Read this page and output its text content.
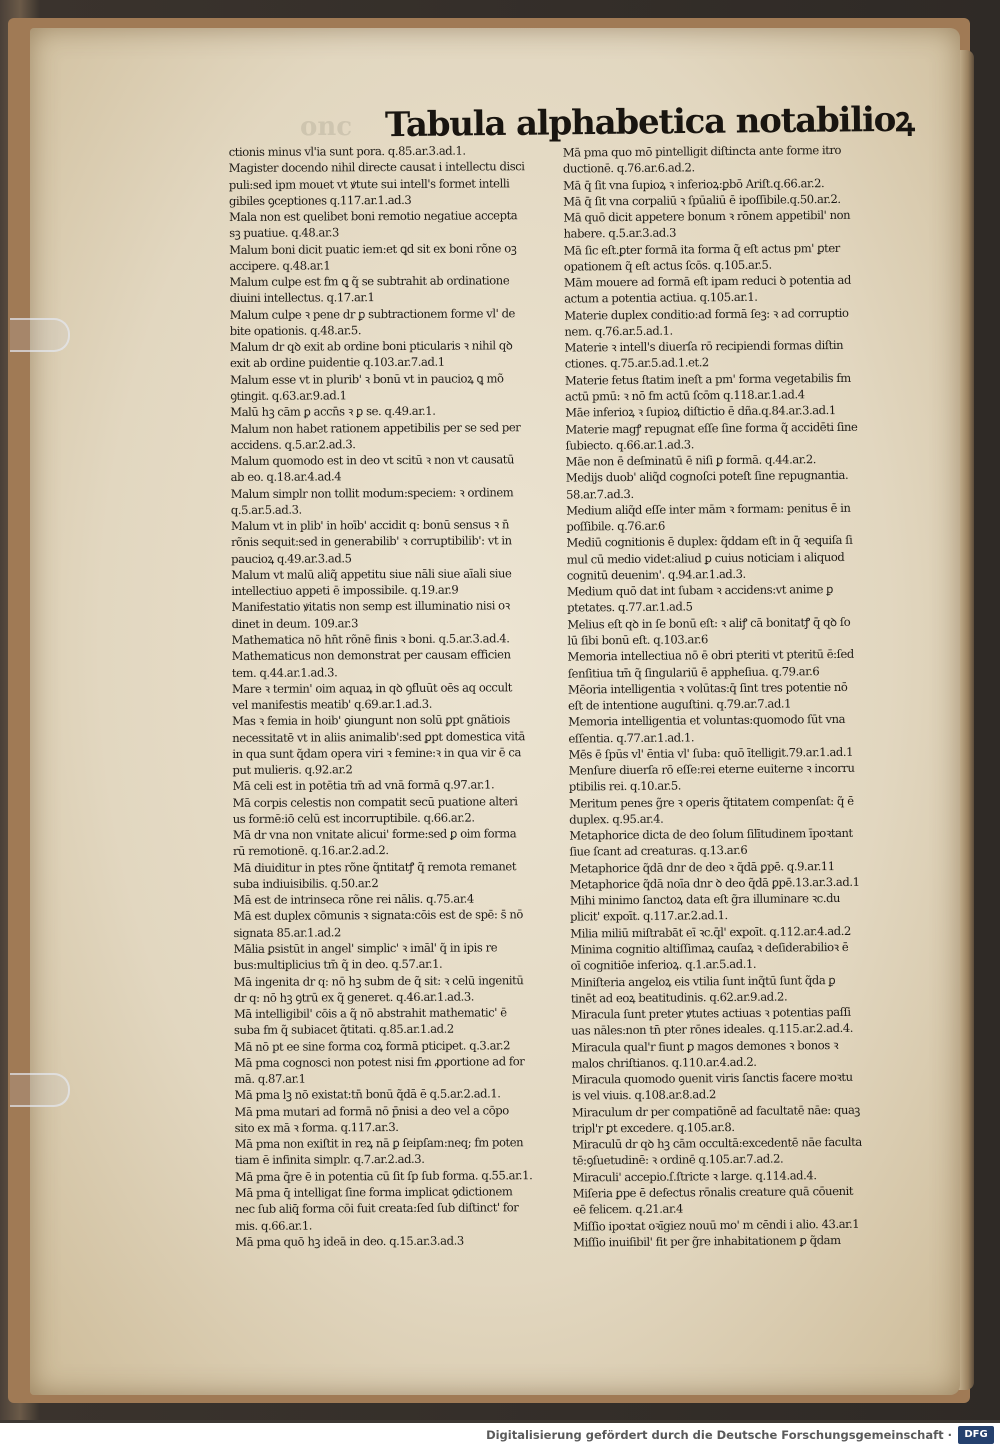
onc Tabula alphabetica notabilioꝝ
ctionis minus vl'ia sunt pora. q.85.ar.3.ad.1.
Magister docendo nihil directe causat i intellectu disci
puli:sed ipm mouet vt ꝟtute sui intell's formet intelli
gibiles ꝯceptiones q.117.ar.1.ad.3
Mala non est quelibet boni remotio negatiue accepta
sꝫ puatiue. q.48.ar.3
Malum boni dicit puatic iem:et ꝗd sit ex boni rõne oꝫ
accipere. q.48.ar.1
Malum culpe est fm ꝗ q̃ se subtrahit ab ordinatione
diuini intellectus. q.17.ar.1
Malum culpe ꝛ pene dr ꝑ subtractionem forme vl' de
bite opationis. q.48.ar.5.
Malum dr qꝺ exit ab ordine boni pticularis ꝛ nihil qꝺ
exit ab ordine puidentie q.103.ar.7.ad.1
Malum esse vt in plurib' ꝛ bonū vt in paucioꝝ ꝗ mõ
ꝯtingit. q.63.ar.9.ad.1
Malū hꝫ cām ꝑ accn̄s ꝛ ꝑ se. q.49.ar.1.
Malum non habet rationem appetibilis per se sed per
accidens. q.5.ar.2.ad.3.
Malum quomodo est in deo vt scitū ꝛ non vt causatū
ab eo. q.18.ar.4.ad.4
Malum simplr non tollit modum:speciem: ꝛ ordinem
q.5.ar.5.ad.3.
Malum vt in plib' in hoīb' accidit q: bonū sensus ꝛ n̄
rõnis sequit:sed in generabilib' ꝛ corruptibilib': vt in
paucioꝝ q.49.ar.3.ad.5
Malum vt malū aliq̃ appetitu siue nāli siue aīali siue
intellectiuo appeti ē impossibile. q.19.ar.9
Manifestatio ꝟitatis non semp est illuminatio nisi oꝛ
dinet in deum. 109.ar.3
Mathematica nō hn̄t rõnē finis ꝛ boni. q.5.ar.3.ad.4.
Mathematicus non demonstrat per causam efficien
tem. q.44.ar.1.ad.3.
Mare ꝛ termin' oim aquaꝝ in qꝺ ꝯfluūt oēs aq occult
vel manifestis meatib' q.69.ar.1.ad.3.
Mas ꝛ femia in hoib' ꝯiungunt non solū ꝑpt gnãtiois
necessitatē vt in aliis animalib':sed ꝑpt domestica vitā
in qua sunt q̃dam opera viri ꝛ femine:ꝛ in qua vir ē ca
put mulieris. q.92.ar.2
Mā celi est in potētia tm̄ ad vnā formā q.97.ar.1.
Mā corpis celestis non compatit secū puatione alteri
us formē:iō celū est incorruptibile. q.66.ar.2.
Mā dr vna non vnitate alicui' forme:sed ꝑ oim forma
rū remotionē. q.16.ar.2.ad.2.
Mā diuiditur in ptes rõne q̃ntitatꝭ q̃ remota remanet
suba indiuisibilis. q.50.ar.2
Mā est de intrinseca rõne rei nālis. q.75.ar.4
Mā est duplex cōmunis ꝛ signata:cōis est de spē: s̄ nō
signata 85.ar.1.ad.2
Mālia ꝑsistūt in angel' simplic' ꝛ imāl' q̃ in ipis re
bus:multiplicius tm̄ q̃ in deo. q.57.ar.1.
Mā ingenita dr q: nō hꝫ subm de q̃ sit: ꝛ celū ingenitū
dr q: nō hꝫ ꝯtrū ex q̃ generet. q.46.ar.1.ad.3.
Mā intelligibil' cōis a q̃ nō abstrahit mathematic' ē
suba fm q̃ subiacet q̃titati. q.85.ar.1.ad.2
Mā nō pt ee sine forma coꝝ formā pticipet. q.3.ar.2
Mā pma cognosci non potest nisi fm ꝓportione ad for
mā. q.87.ar.1
Mā pma lꝫ nō existat:tn̄ bonū q̃dā ē q.5.ar.2.ad.1.
Mā pma mutari ad formā nō p̄nisi a deo vel a cōpo
sito ex mā ꝛ forma. q.117.ar.3.
Mā pma non exiſtit in reꝝ nā ꝑ ſeipſam:neq; fm poten
tiam ē infinita simplr. q.7.ar.2.ad.3.
Mā pma q̃re ē in potentia cū ſit ſp ſub forma. q.55.ar.1.
Mā pma q̄ intelligat ſine forma implicat ꝯdictionem
nec ſub aliq̄ forma cōi fuit creata:ſed ſub diſtinct' for
mis. q.66.ar.1.
Mā pma quō hꝫ ideā in deo. q.15.ar.3.ad.3
Mā pma quo mō pintelligit diſtincta ante forme itro
ductionē. q.76.ar.6.ad.2.
Mā q̄ ſit vna ſupioꝝ ꝛ inferioꝝ:ꝑbō Ariſt.q.66.ar.2.
Mā q̄ ſit vna corpaliū ꝛ ſpūaliū ē ipoſſibile.q.50.ar.2.
Mā quō dicit appetere bonum ꝛ rōnem appetibil' non
habere. q.5.ar.3.ad.3
Mā ſic eſt.ꝑter formā ita forma q̃ eſt actus pm' ꝑter
opationem q̃ eſt actus ſcōs. q.105.ar.5.
Mām mouere ad formā eſt ipam reduci ꝺ potentia ad
actum a potentia actiua. q.105.ar.1.
Materie duplex conditio:ad formā ſeꝫ: ꝛ ad corruptio
nem. q.76.ar.5.ad.1.
Materie ꝛ intell's diuerſa rō recipiendi formas diſtin
ctiones. q.75.ar.5.ad.1.et.2
Materie fetus ſtatim ineſt a pm' forma vegetabilis fm
actū pmū: ꝛ nō fm actū ſcōm q.118.ar.1.ad.4
Māe inferioꝝ ꝛ ſupioꝝ diſtictio ē dña.q.84.ar.3.ad.1
Materie magꝭ repugnat eſſe ſine forma q̃ accidēti ſine
ſubiecto. q.66.ar.1.ad.3.
Māe non ē deſminatū ē niſi ꝑ formā. q.44.ar.2.
Medijs duob' aliq̃d cognoſci poteſt ſine repugnantia.
58.ar.7.ad.3.
Medium aliq̃d eſſe inter mām ꝛ formam: penitus ē in
poſſibile. q.76.ar.6
Mediū cognitionis ē duplex: q̃ddam eſt in q̄ ꝛeꝗuiſa ſi
mul cū medio videt:aliud ꝑ cuius noticiam i aliquod
cognitū deuenim'. q.94.ar.1.ad.3.
Medium quō dat int ſubam ꝛ accidens:vt anime ꝑ
ptetates. q.77.ar.1.ad.5
Melius eſt qꝺ in ſe bonū eſt: ꝛ aliꝭ cā bonitatꝭ q̄ qꝺ ſo
lū ſibi bonū eſt. q.103.ar.6
Memoria intellectiua nō ē obri pteriti vt pteritū ē:ſed
ſenſitiua tm̄ q̃ ſingulariū ē appheſiua. q.79.ar.6
Mēoria intelligentia ꝛ volūtas:q̄ ſint tres potentie nō
eſt de intentione auguſtini. q.79.ar.7.ad.1
Memoria intelligentia et voluntas:quomodo ſūt vna
eſſentia. q.77.ar.1.ad.1.
Mēs ē ſpūs vl' ēntia vl' ſuba: quō ītelligit.79.ar.1.ad.1
Menſure diuerſa rō eſſe:rei eterne euiterne ꝛ incorru
ptibilis rei. q.10.ar.5.
Meritum penes g̃re ꝛ operis q̃titatem compenſat: q̃ ē
duplex. q.95.ar.4.
Metaphorice dicta de deo ſolum ſilītudinem īpoꝛtant
ſiue ſcant ad creaturas. q.13.ar.6
Metaphorice q̃dā dnr de deo ꝛ q̃dā ꝑpē. q.9.ar.11
Metaphorice q̃dā noīa dnr ꝺ deo q̃dā ꝑpē.13.ar.3.ad.1
Mihi minimo ſanctoꝝ data eſt g̃ra illuminare ꝛc.du
plicit' expoīt. q.117.ar.2.ad.1.
Milia miliū miſtrabāt eī ꝛc.q̄l' expoīt. q.112.ar.4.ad.2
Minima cognitio altiſſimaꝝ cauſaꝝ ꝛ deſiderabilioꝛ ē
oī cognitiōe inferioꝝ. q.1.ar.5.ad.1.
Miniſteria angeloꝝ eis vtilia ſunt inq̃tū ſunt q̃da ꝑ
tinēt ad eoꝝ beatitudinis. q.62.ar.9.ad.2.
Miracula ſunt preter ꝟtutes actiuas ꝛ potentias paſſi
uas nāles:non tn̄ pter rōnes ideales. q.115.ar.2.ad.4.
Miracula qual'r fiunt ꝑ magos demones ꝛ bonos ꝛ
malos chriſtianos. q.110.ar.4.ad.2.
Miracula quomodo ꝯuenit viris ſanctis facere moꝛtu
is vel viuis. q.108.ar.8.ad.2
Miraculum dr per compatiōnē ad facultatē nāe: quaꝫ
tripl'r ꝑt excedere. q.105.ar.8.
Miraculū dr qꝺ hꝫ cām occultā:excedentē nāe faculta
tē:ꝯſuetudinē: ꝛ ordinē q.105.ar.7.ad.2.
Miraculi' accepio.ſ.ſtricte ꝛ large. q.114.ad.4.
Miſeria ꝑpe ē defectus rōnalis creature quā cōuenit
eē felicem. q.21.ar.4
Miſſio ipoꝛtat oꝛīgiez nouū mo' m cēndi i alio. 43.ar.1
Miſſio inuiſibil' fit per g̃re inhabitationem ꝑ q̃dam
Digitalisierung gefördert durch die Deutsche Forschungsgemeinschaft ·	DFG
